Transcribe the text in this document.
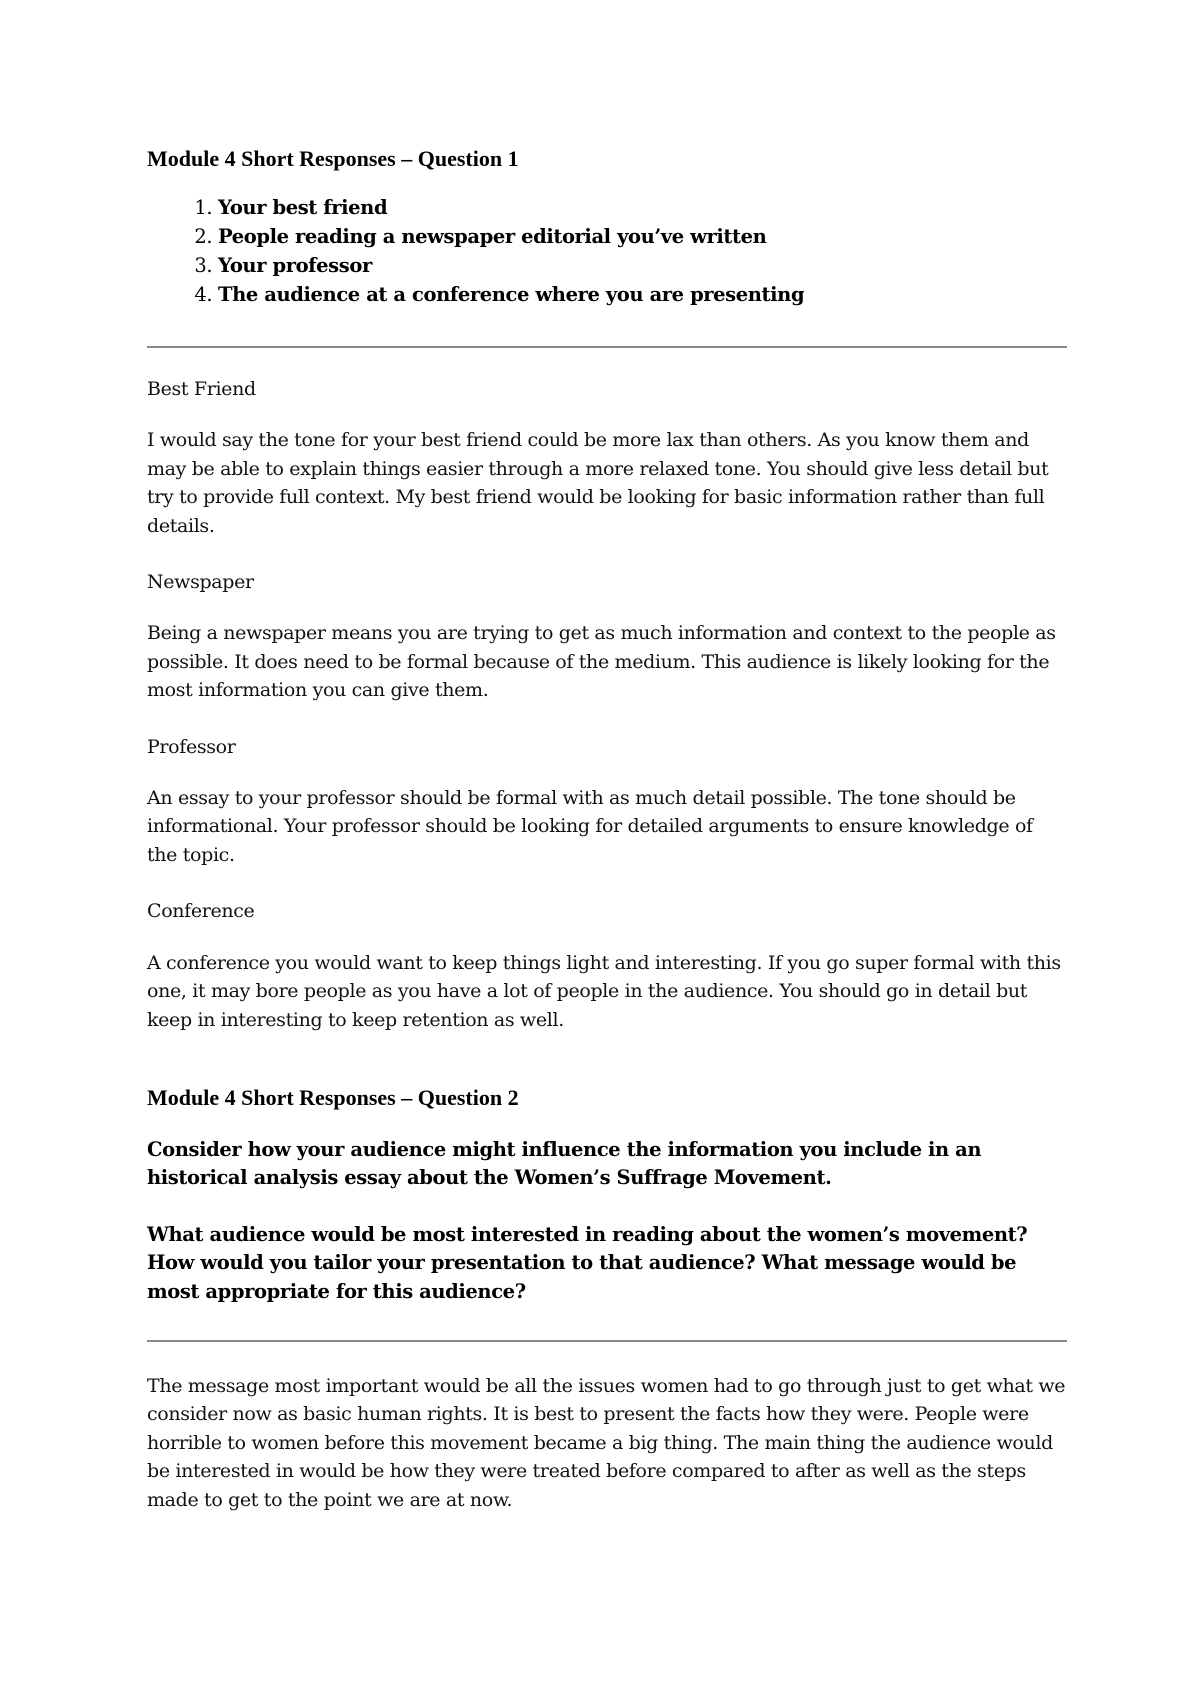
Module 4 Short Responses – Question 1

1. Your best friend
2. People reading a newspaper editorial you’ve written
3. Your professor
4. The audience at a conference where you are presenting

Best Friend

I would say the tone for your best friend could be more lax than others. As you know them and may be able to explain things easier through a more relaxed tone. You should give less detail but try to provide full context. My best friend would be looking for basic information rather than full details.

Newspaper

Being a newspaper means you are trying to get as much information and context to the people as possible. It does need to be formal because of the medium. This audience is likely looking for the most information you can give them.

Professor

An essay to your professor should be formal with as much detail possible. The tone should be informational. Your professor should be looking for detailed arguments to ensure knowledge of the topic.

Conference

A conference you would want to keep things light and interesting. If you go super formal with this one, it may bore people as you have a lot of people in the audience. You should go in detail but keep in interesting to keep retention as well.

Module 4 Short Responses – Question 2

Consider how your audience might influence the information you include in an historical analysis essay about the Women’s Suffrage Movement.

What audience would be most interested in reading about the women’s movement? How would you tailor your presentation to that audience? What message would be most appropriate for this audience?

The message most important would be all the issues women had to go through just to get what we consider now as basic human rights. It is best to present the facts how they were. People were horrible to women before this movement became a big thing. The main thing the audience would be interested in would be how they were treated before compared to after as well as the steps made to get to the point we are at now.
